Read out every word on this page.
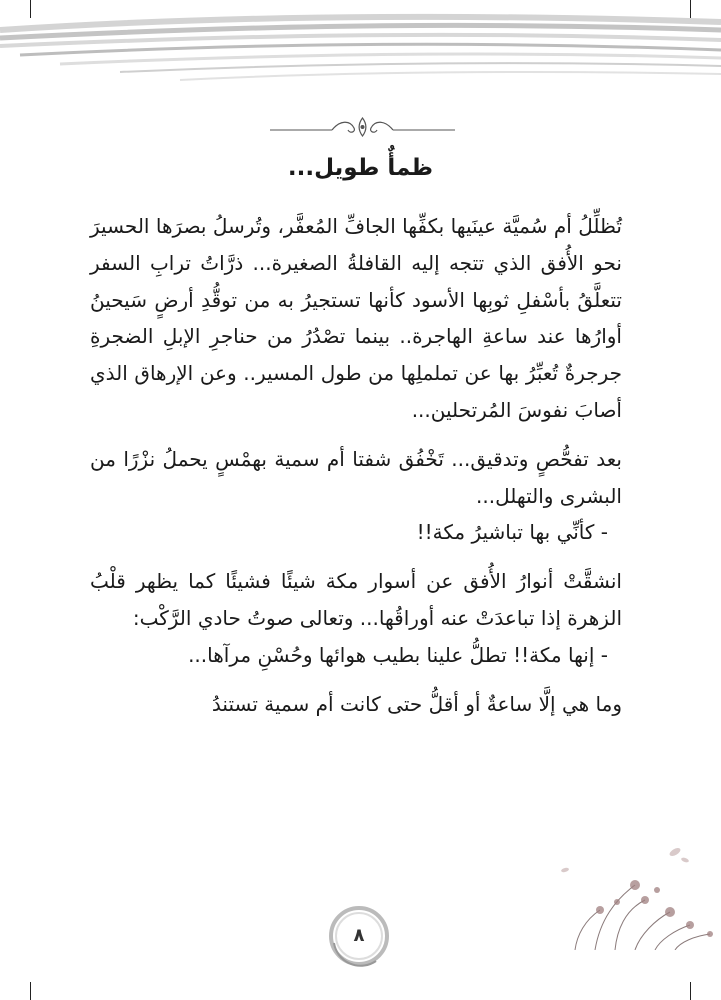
ظمأٌ طويل...

تُظلِّلُ أم سُميَّة عينَيها بكفِّها الجافِّ المُعفَّر، وتُرسلُ بصرَها الحسيرَ نحو الأُفق الذي تتجه إليه القافلةُ الصغيرة... ذرَّاتُ ترابِ السفر تتعلَّقُ بأسْفلِ ثوبِها الأسود كأنها تستجيرُ به من توقُّدِ أرضٍ سَيحينُ أوارُها عند ساعةِ الهاجرة.. بينما تصْدُرُ من حناجرِ الإبلِ الضجرةِ جرجرةٌ تُعبِّرُ بها عن تململِها من طول المسير.. وعن الإرهاق الذي أصابَ نفوسَ المُرتحلين...

بعد تفحُّصٍ وتدقيق... تَخْفُق شفتا أم سمية بهمْسٍ يحملُ نزْرًا من البشرى والتهلل...

- كأنِّي بها تباشيرُ مكة!!

انشقَّتْ أنوارُ الأُفق عن أسوار مكة شيئًا فشيئًا كما يظهر قلْبُ الزهرة إذا تباعدَتْ عنه أوراقُها... وتعالى صوتُ حادي الرَّكْب:

- إنها مكة!! تطلُّ علينا بطيب هوائها وحُسْنِ مرآها...

وما هي إلَّا ساعةٌ أو أقلُّ حتى كانت أم سمية تستندُ

٨
